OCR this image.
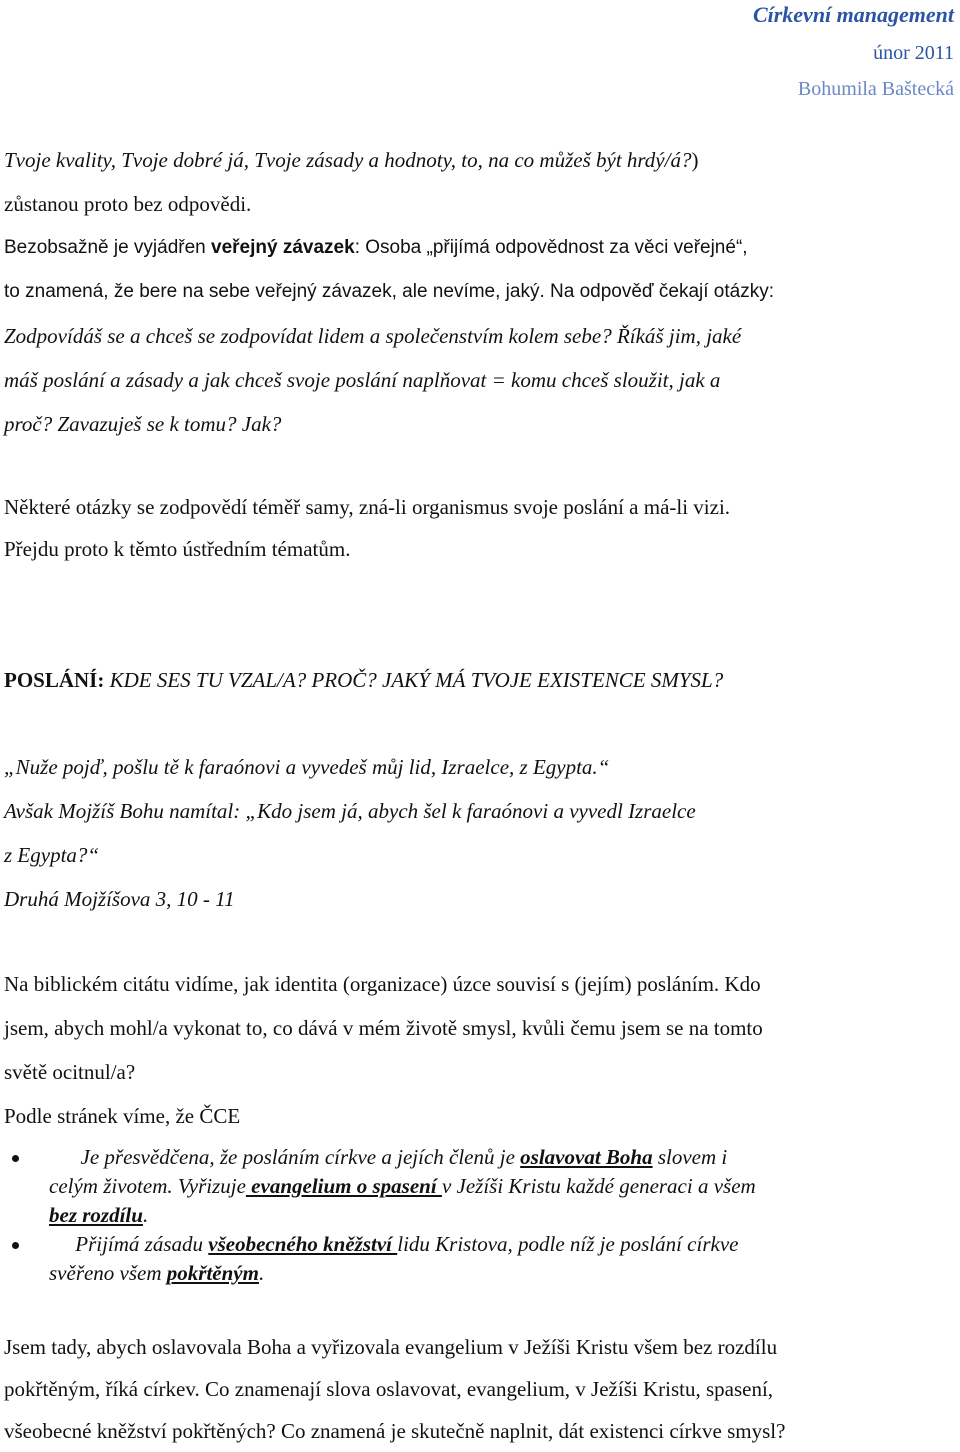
Církevní management
únor 2011
Bohumila Baštecká
Tvoje kvality, Tvoje dobré já, Tvoje zásady a hodnoty, to, na co můžeš být hrdý/á?)
zůstanou proto bez odpovědi.
Bezobsažně je vyjádřen veřejný závazek: Osoba „přijímá odpovědnost za věci veřejné“,
to znamená, že bere na sebe veřejný závazek, ale nevíme, jaký. Na odpověď čekají otázky:
Zodpovídáš se a chceš se zodpovídat lidem a společenstvím kolem sebe? Říkáš jim, jaké
máš poslání a zásady a jak chceš svoje poslání naplňovat = komu chceš sloužit, jak a
proč? Zavazuješ se k tomu? Jak?
Některé otázky se zodpovědí téměř samy, zná-li organismus svoje poslání a má-li vizi.
Přejdu proto k těmto ústředním tématům.
POSLÁNÍ: KDE SES TU VZAL/A? PROČ? JAKÝ MÁ TVOJE EXISTENCE SMYSL?
„Nuže pojď, pošlu tě k faraónovi a vyvedeš můj lid, Izraelce, z Egypta.“
Avšak Mojžíš Bohu namítal: „Kdo jsem já, abych šel k faraónovi a vyvedl Izraelce
z Egypta?“
Druhá Mojžíšova 3, 10 - 11
Na biblickém citátu vidíme, jak identita (organizace) úzce souvisí s (jejím) posláním. Kdo
jsem, abych mohl/a vykonat to, co dává v mém životě smysl, kvůli čemu jsem se na tomto
světě ocitnul/a?
Podle stránek víme, že ČCE
Je přesvědčena, že posláním církve a jejích členů je oslavovat Boha slovem i
celým životem. Vyřizuje evangelium o spasení v Ježíši Kristu každé generaci a všem
bez rozdílu.
Přijímá zásadu všeobecného kněžství lidu Kristova, podle níž je poslání církve
svěřeno všem pokřtěným.
Jsem tady, abych oslavovala Boha a vyřizovala evangelium v Ježíši Kristu všem bez rozdílu
pokřtěným, říká církev. Co znamenají slova oslavovat, evangelium, v Ježíši Kristu, spasení,
všeobecné kněžství pokřtěných? Co znamená je skutečně naplnit, dát existenci církve smysl?
